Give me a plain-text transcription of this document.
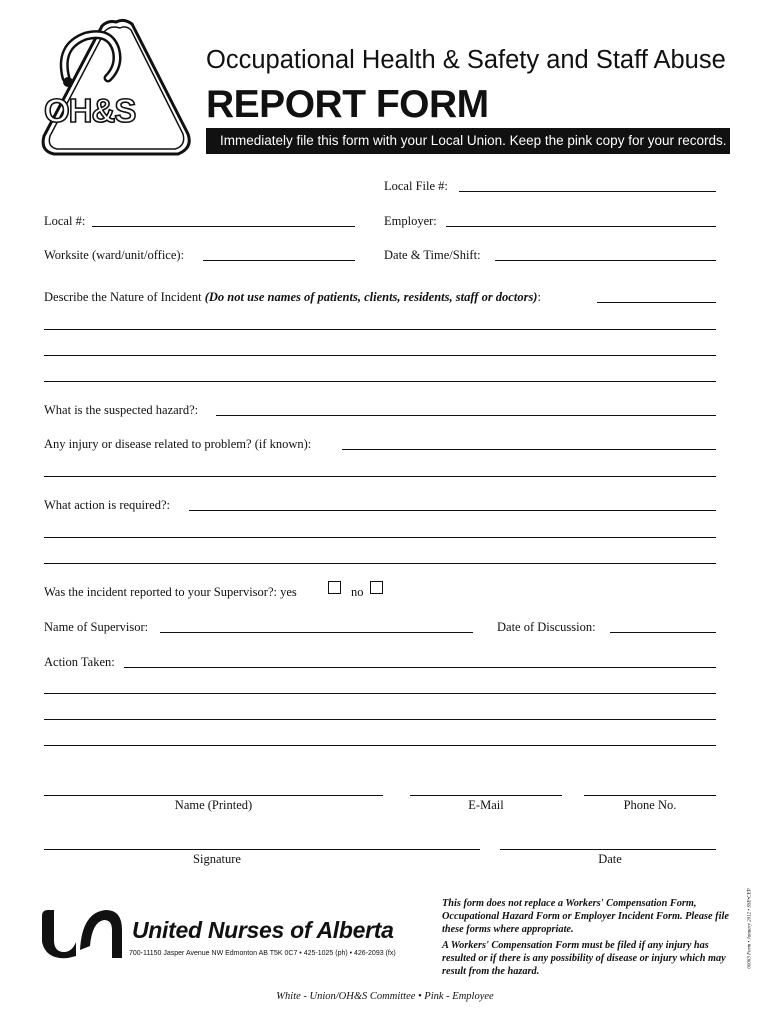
OH&S
Occupational Health & Safety and Staff Abuse
REPORT FORM
Immediately file this form with your Local Union. Keep the pink copy for your records.
Local File #:
Local #:	Employer:
Worksite (ward/unit/office):	Date & Time/Shift:
Describe the Nature of Incident (Do not use names of patients, clients, residents, staff or doctors):
What is the suspected hazard?:
Any injury or disease related to problem? (if known):
What action is required?:
Was the incident reported to your Supervisor?: yes	no
Name of Supervisor:	Date of Discussion:
Action Taken:
Name (Printed)	E-Mail	Phone No.
Signature	Date
United Nurses of Alberta
700-11150 Jasper Avenue NW Edmonton AB T5K 0C7 • 425-1025 (ph) • 426-2093 (fx)
This form does not replace a Workers' Compensation Form, Occupational Hazard Form or Employer Incident Form. Please file these forms where appropriate.
A Workers' Compensation Form must be filed if any injury has resulted or if there is any possibility of disease or injury which may result from the hazard.
00063 Form • January 2012 • SSE•CEP
White - Union/OH&S Committee • Pink - Employee
